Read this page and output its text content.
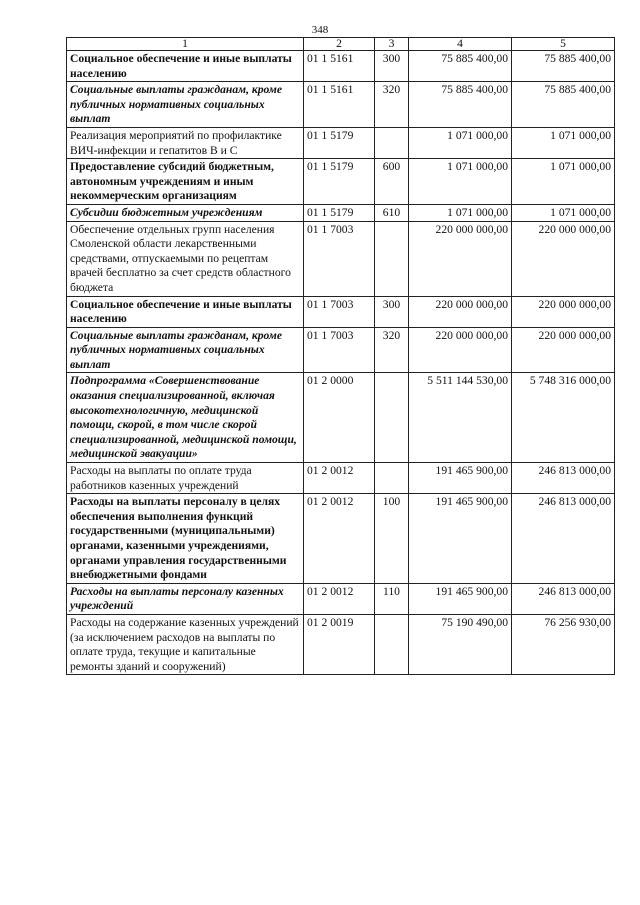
348
1	2	3	4	5
Социальное обеспечение и иные выплаты населению	01 1 5161	300	75 885 400,00	75 885 400,00
Социальные выплаты гражданам, кроме публичных нормативных социальных выплат	01 1 5161	320	75 885 400,00	75 885 400,00
Реализация мероприятий по профилактике ВИЧ-инфекции и гепатитов В и С	01 1 5179		1 071 000,00	1 071 000,00
Предоставление субсидий бюджетным, автономным учреждениям и иным некоммерческим организациям	01 1 5179	600	1 071 000,00	1 071 000,00
Субсидии бюджетным учреждениям	01 1 5179	610	1 071 000,00	1 071 000,00
Обеспечение отдельных групп населения Смоленской области лекарственными средствами, отпускаемыми по рецептам врачей бесплатно за счет средств областного бюджета	01 1 7003		220 000 000,00	220 000 000,00
Социальное обеспечение и иные выплаты населению	01 1 7003	300	220 000 000,00	220 000 000,00
Социальные выплаты гражданам, кроме публичных нормативных социальных выплат	01 1 7003	320	220 000 000,00	220 000 000,00
Подпрограмма «Совершенствование оказания специализированной, включая высокотехнологичную, медицинской помощи, скорой, в том числе скорой специализированной, медицинской помощи, медицинской эвакуации»	01 2 0000		5 511 144 530,00	5 748 316 000,00
Расходы на выплаты по оплате труда работников казенных учреждений	01 2 0012		191 465 900,00	246 813 000,00
Расходы на выплаты персоналу в целях обеспечения выполнения функций государственными (муниципальными) органами, казенными учреждениями, органами управления государственными внебюджетными фондами	01 2 0012	100	191 465 900,00	246 813 000,00
Расходы на выплаты персоналу казенных учреждений	01 2 0012	110	191 465 900,00	246 813 000,00
Расходы на содержание казенных учреждений (за исключением расходов на выплаты по оплате труда, текущие и капитальные ремонты зданий и сооружений)	01 2 0019		75 190 490,00	76 256 930,00
